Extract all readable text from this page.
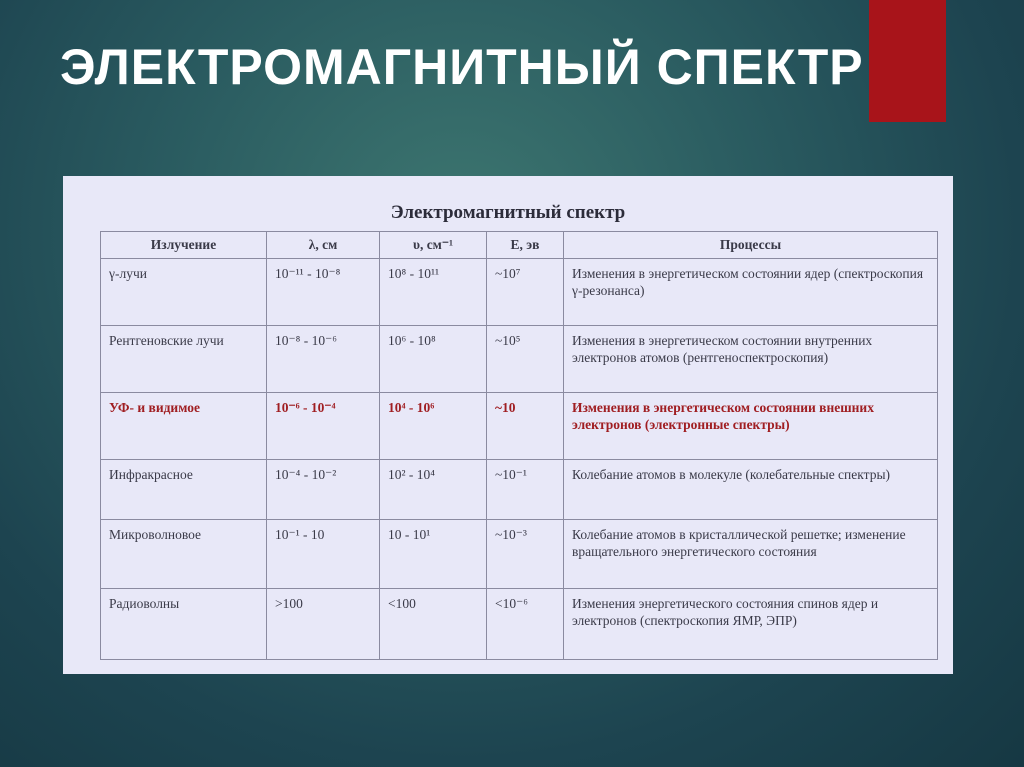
ЭЛЕКТРОМАГНИТНЫЙ СПЕКТР
Электромагнитный спектр
Излучение	λ, см	υ, см⁻¹	E, эв	Процессы
γ-лучи	10⁻¹¹ - 10⁻⁸	10⁸ - 10¹¹	~10⁷	Изменения в энергетическом состоянии ядер (спектроскопия γ-резонанса)
Рентгеновские лучи	10⁻⁸ - 10⁻⁶	10⁶ - 10⁸	~10⁵	Изменения в энергетическом состоянии внутренних электронов атомов (рентгеноспектроскопия)
УФ- и видимое	10⁻⁶ - 10⁻⁴	10⁴ - 10⁶	~10	Изменения в энергетическом состоянии внешних электронов (электронные спектры)
Инфракрасное	10⁻⁴ - 10⁻²	10² - 10⁴	~10⁻¹	Колебание атомов в молекуле (колебательные спектры)
Микроволновое	10⁻¹ - 10	10 - 10¹	~10⁻³	Колебание атомов в кристаллической решетке; изменение вращательного энергетического состояния
Радиоволны	>100	<100	<10⁻⁶	Изменения энергетического состояния спинов ядер и электронов (спектроскопия ЯМР, ЭПР)
